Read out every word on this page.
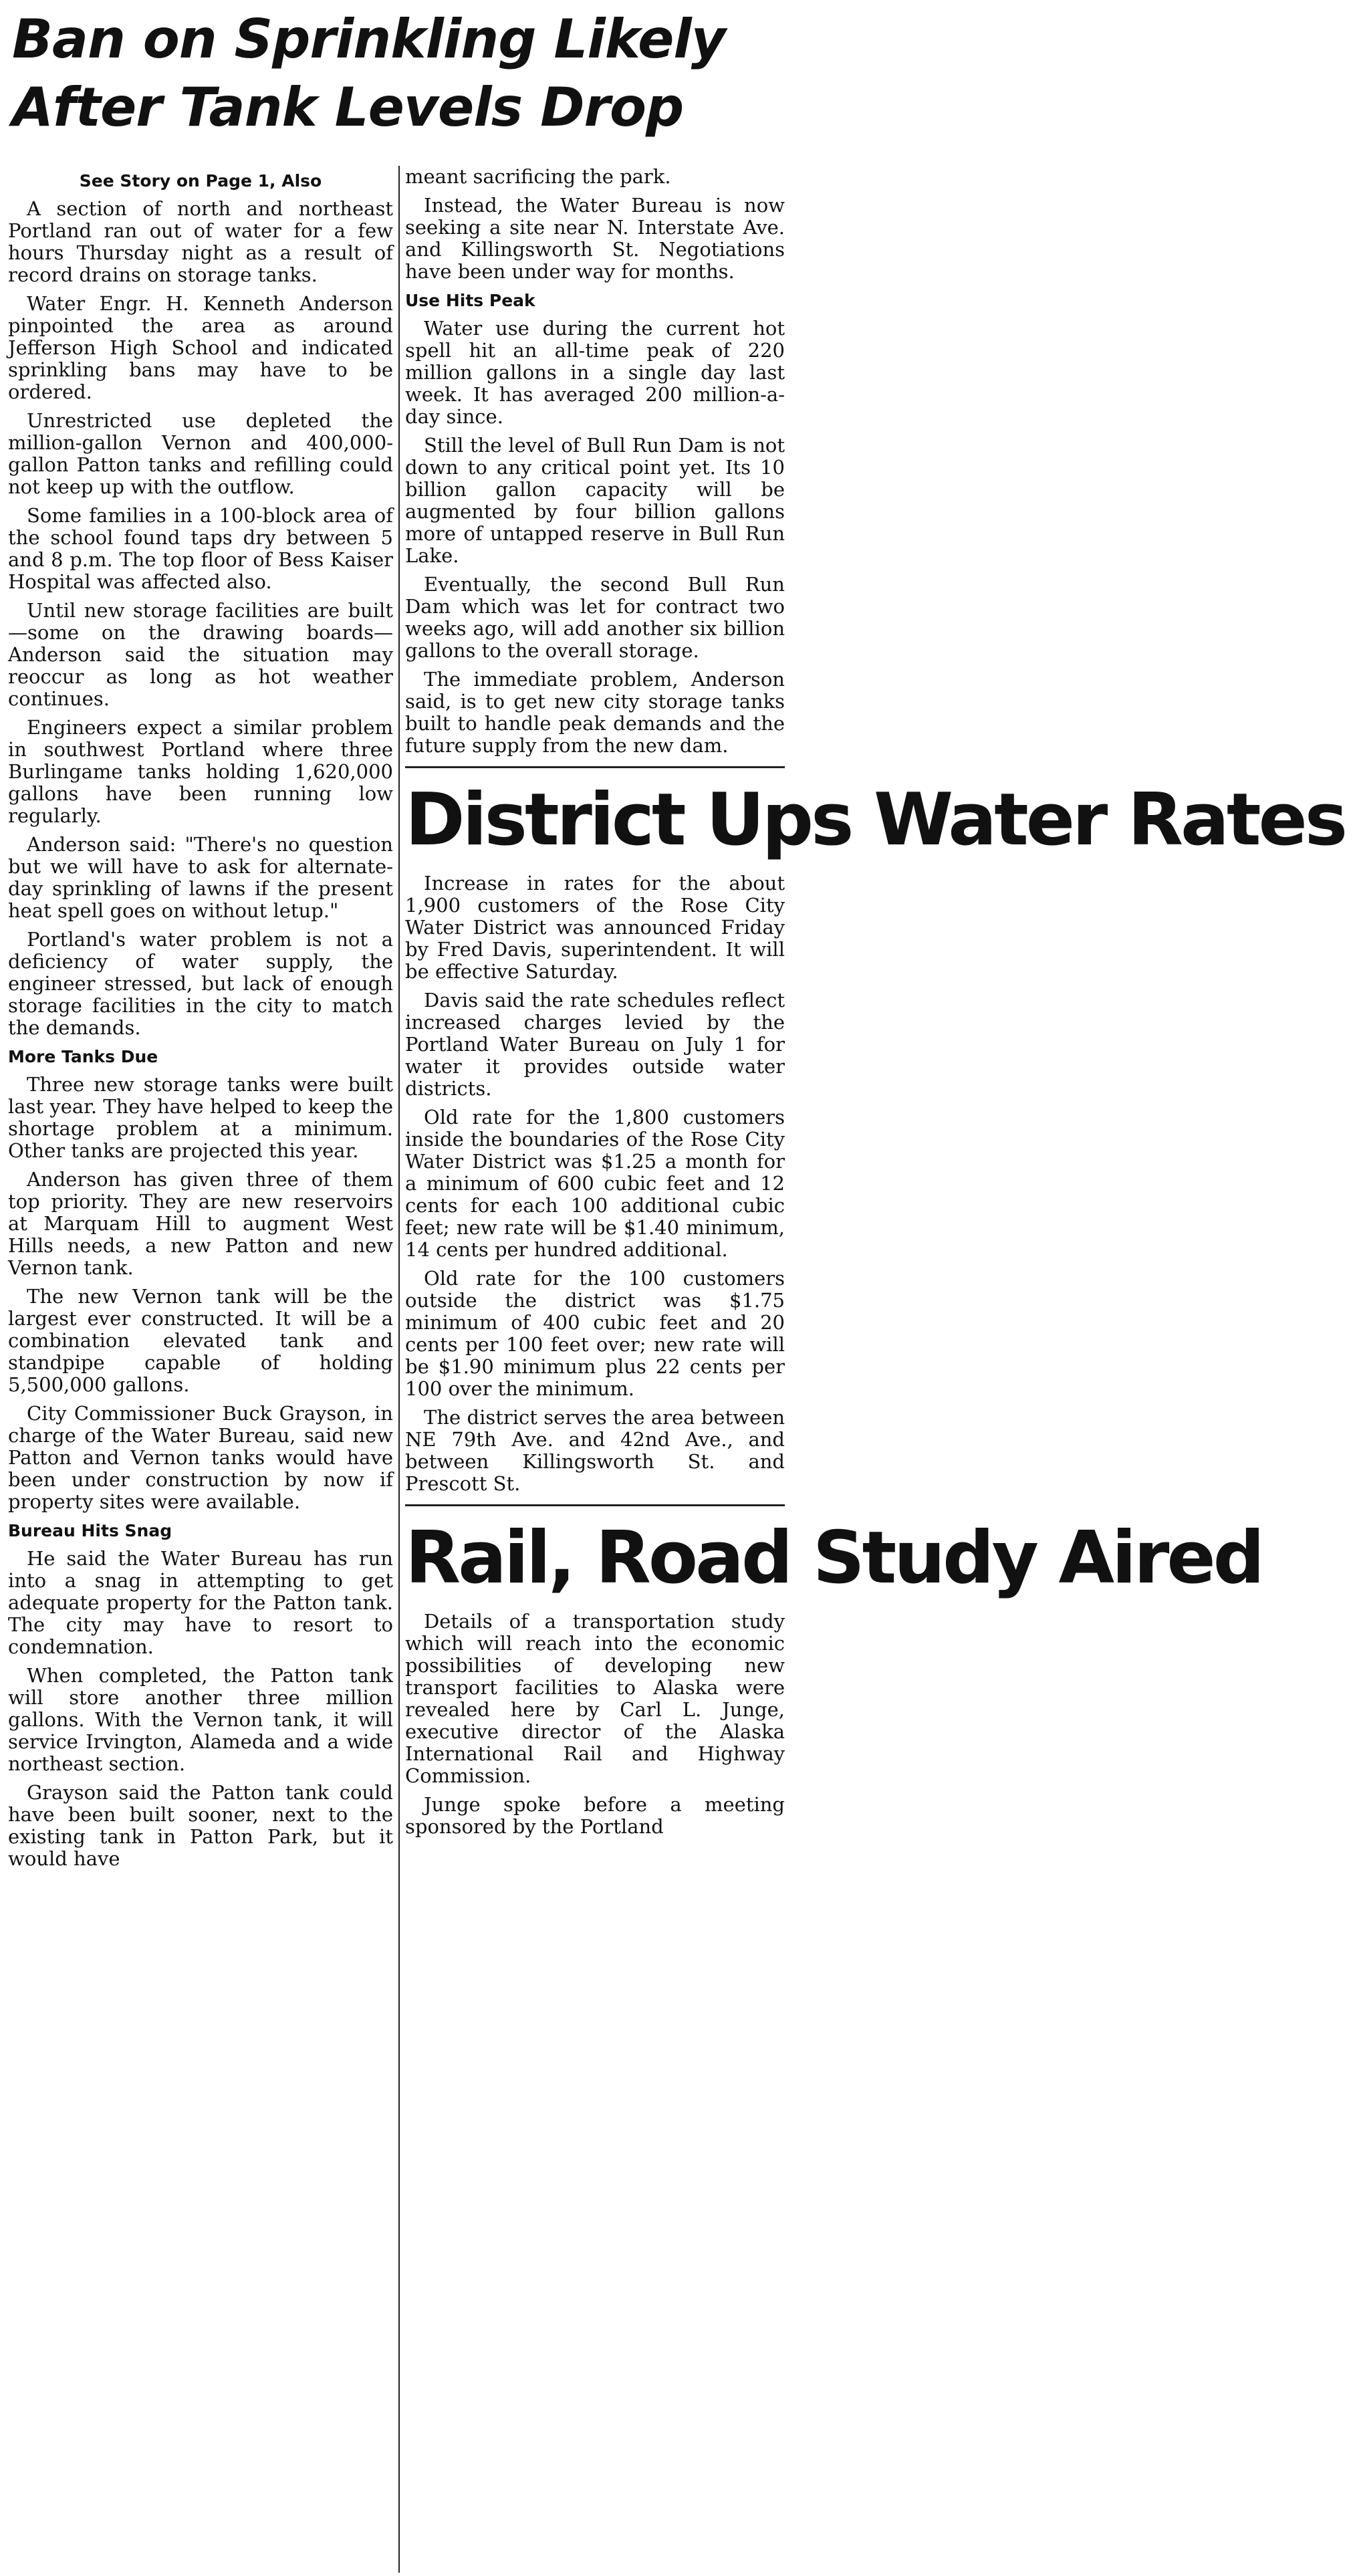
Ban on Sprinkling Likely After Tank Levels Drop
See Story on Page 1, Also

A section of north and northeast Portland ran out of water for a few hours Thursday night as a result of record drains on storage tanks.

Water Engr. H. Kenneth Anderson pinpointed the area as around Jefferson High School and indicated sprinkling bans may have to be ordered.

Unrestricted use depleted the million-gallon Vernon and 400,000-gallon Patton tanks and refilling could not keep up with the outflow.

Some families in a 100-block area of the school found taps dry between 5 and 8 p.m. The top floor of Bess Kaiser Hospital was affected also.

Until new storage facilities are built—some on the drawing boards—Anderson said the situation may reoccur as long as hot weather continues.

Engineers expect a similar problem in southwest Portland where three Burlingame tanks holding 1,620,000 gallons have been running low regularly.

Anderson said: "There's no question but we will have to ask for alternate-day sprinkling of lawns if the present heat spell goes on without letup."

Portland's water problem is not a deficiency of water supply, the engineer stressed, but lack of enough storage facilities in the city to match the demands.

More Tanks Due

Three new storage tanks were built last year. They have helped to keep the shortage problem at a minimum. Other tanks are projected this year.

Anderson has given three of them top priority. They are new reservoirs at Marquam Hill to augment West Hills needs, a new Patton and new Vernon tank.

The new Vernon tank will be the largest ever constructed. It will be a combination elevated tank and standpipe capable of holding 5,500,000 gallons.

City Commissioner Buck Grayson, in charge of the Water Bureau, said new Patton and Vernon tanks would have been under construction by now if property sites were available.

Bureau Hits Snag

He said the Water Bureau has run into a snag in attempting to get adequate property for the Patton tank. The city may have to resort to condemnation.

When completed, the Patton tank will store another three million gallons. With the Vernon tank, it will service Irvington, Alameda and a wide northeast section.

Grayson said the Patton tank could have been built sooner, next to the existing tank in Patton Park, but it would have

meant sacrificing the park.

Instead, the Water Bureau is now seeking a site near N. Interstate Ave. and Killingsworth St. Negotiations have been under way for months.

Use Hits Peak

Water use during the current hot spell hit an all-time peak of 220 million gallons in a single day last week. It has averaged 200 million-a-day since.

Still the level of Bull Run Dam is not down to any critical point yet. Its 10 billion gallon capacity will be augmented by four billion gallons more of untapped reserve in Bull Run Lake.

Eventually, the second Bull Run Dam which was let for contract two weeks ago, will add another six billion gallons to the overall storage.

The immediate problem, Anderson said, is to get new city storage tanks built to handle peak demands and the future supply from the new dam.

District Ups Water Rates

Increase in rates for the about 1,900 customers of the Rose City Water District was announced Friday by Fred Davis, superintendent. It will be effective Saturday.

Davis said the rate schedules reflect increased charges levied by the Portland Water Bureau on July 1 for water it provides outside water districts.

Old rate for the 1,800 customers inside the boundaries of the Rose City Water District was $1.25 a month for a minimum of 600 cubic feet and 12 cents for each 100 additional cubic feet; new rate will be $1.40 minimum, 14 cents per hundred additional.

Old rate for the 100 customers outside the district was $1.75 minimum of 400 cubic feet and 20 cents per 100 feet over; new rate will be $1.90 minimum plus 22 cents per 100 over the minimum.

The district serves the area between NE 79th Ave. and 42nd Ave., and between Killingsworth St. and Prescott St.

Rail, Road Study Aired

Details of a transportation study which will reach into the economic possibilities of developing new transport facilities to Alaska were revealed here by Carl L. Junge, executive director of the Alaska International Rail and Highway Commission.

Junge spoke before a meeting sponsored by the Portland
